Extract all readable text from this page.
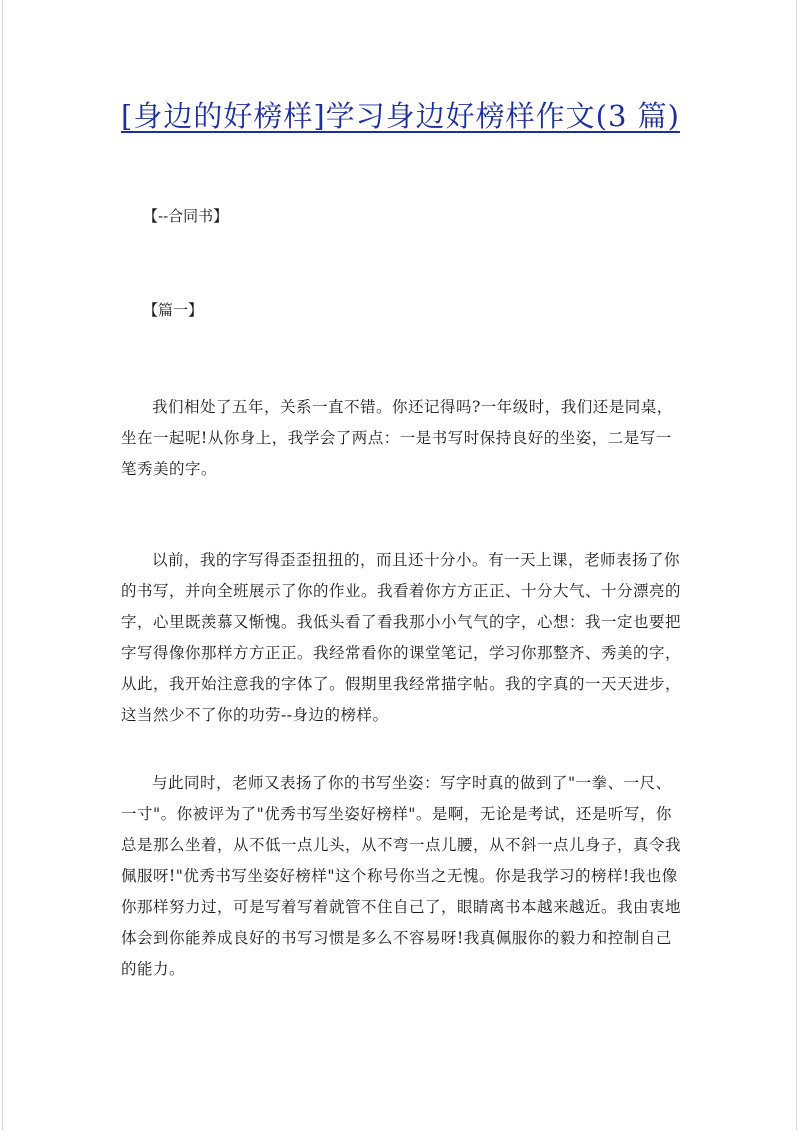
[身边的好榜样]学习身边好榜样作文(3 篇)
【--合同书】
【篇一】
我们相处了五年，关系一直不错。你还记得吗?一年级时，我们还是同桌，
坐在一起呢!从你身上，我学会了两点：一是书写时保持良好的坐姿，二是写一
笔秀美的字。
以前，我的字写得歪歪扭扭的，而且还十分小。有一天上课，老师表扬了你
的书写，并向全班展示了你的作业。我看着你方方正正、十分大气、十分漂亮的
字，心里既羡慕又惭愧。我低头看了看我那小小气气的字，心想：我一定也要把
字写得像你那样方方正正。我经常看你的课堂笔记，学习你那整齐、秀美的字，
从此，我开始注意我的字体了。假期里我经常描字帖。我的字真的一天天进步，
这当然少不了你的功劳--身边的榜样。
与此同时，老师又表扬了你的书写坐姿：写字时真的做到了"一拳、一尺、
一寸"。你被评为了"优秀书写坐姿好榜样"。是啊，无论是考试，还是听写，你
总是那么坐着，从不低一点儿头，从不弯一点儿腰，从不斜一点儿身子，真令我
佩服呀!"优秀书写坐姿好榜样"这个称号你当之无愧。你是我学习的榜样!我也像
你那样努力过，可是写着写着就管不住自己了，眼睛离书本越来越近。我由衷地
体会到你能养成良好的书写习惯是多么不容易呀!我真佩服你的毅力和控制自己
的能力。
